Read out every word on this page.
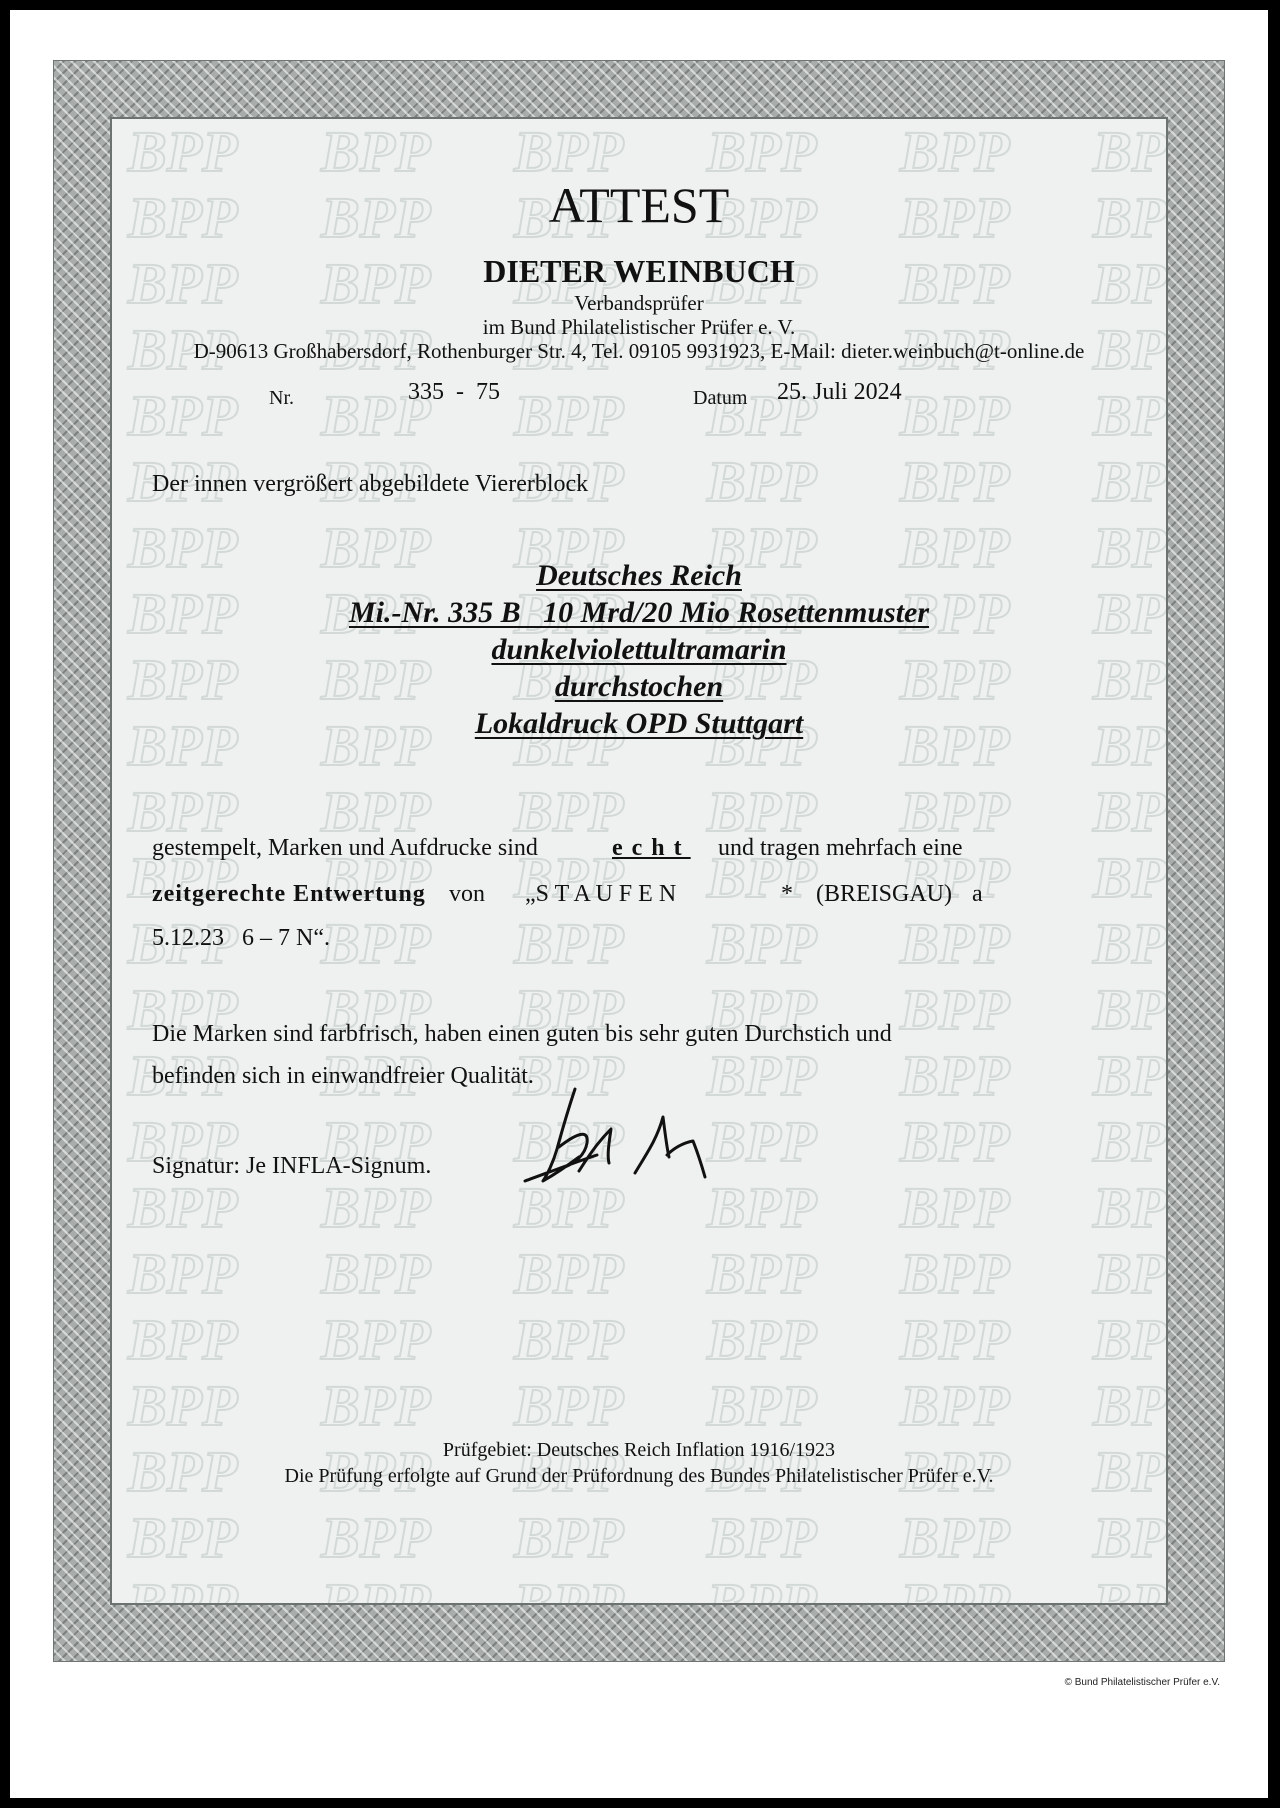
ATTEST
DIETER WEINBUCH
Verbandsprüfer
im Bund Philatelistischer Prüfer e. V.
D-90613 Großhabersdorf, Rothenburger Str. 4, Tel. 09105 9931923, E-Mail: dieter.weinbuch@t-online.de
Nr.	335  -  75	Datum 25. Juli 2024
Der innen vergrößert abgebildete Viererblock
Deutsches Reich
Mi.-Nr. 335 B   10 Mrd/20 Mio Rosettenmuster
dunkelviolettultramarin
durchstochen
Lokaldruck OPD Stuttgart
gestempelt, Marken und Aufdrucke sind	echt und tragen mehrfach eine
zeitgerechte Entwertung von „S T A U F E N	* (BREISGAU) a
5.12.23   6 – 7 N“.
Die Marken sind farbfrisch, haben einen guten bis sehr guten Durchstich und
befinden sich in einwandfreier Qualität.
Signatur: Je INFLA-Signum.
Prüfgebiet: Deutsches Reich Inflation 1916/1923
Die Prüfung erfolgte auf Grund der Prüfordnung des Bundes Philatelistischer Prüfer e.V.
© Bund Philatelistischer Prüfer e.V.
